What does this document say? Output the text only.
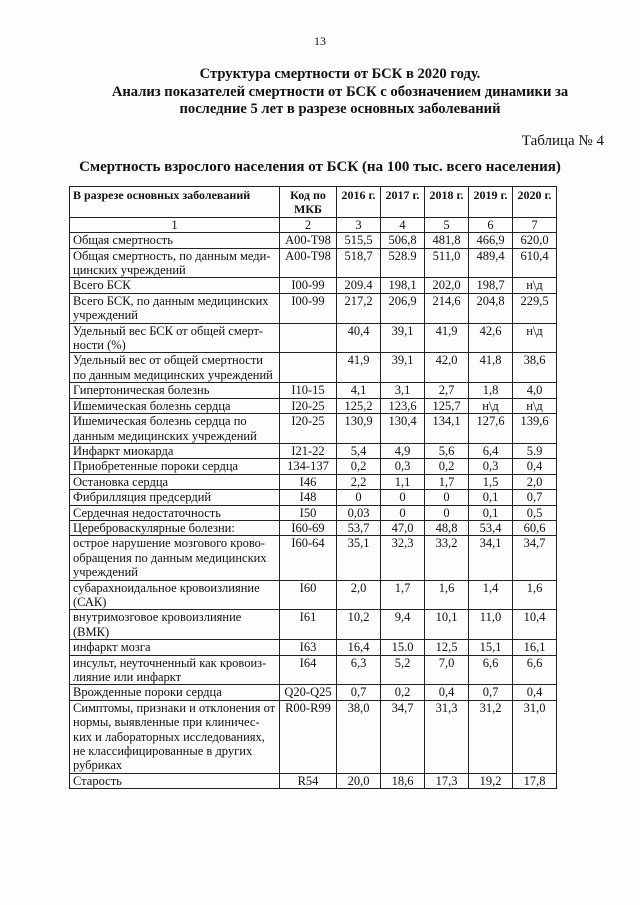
13
Структура смертности от БСК в 2020 году.
Анализ показателей смертности от БСК с обозначением динамики за
последние 5 лет в разрезе основных заболеваний
Таблица № 4
Смертность взрослого населения от БСК (на 100 тыс. всего населения)
В разрезе основных заболеваний	Код по МКБ	2016 г.	2017 г.	2018 г.	2019 г.	2020 г.
1	2	3	4	5	6	7
Общая смертность	А00-Т98	515,5	506,8	481,8	466,9	620,0
Общая смертность, по данным меди-цинских учреждений	А00-Т98	518,7	528.9	511,0	489,4	610,4
Всего БСК	I00-99	209.4	198,1	202,0	198,7	н\д
Всего БСК, по данным медицинских учреждений	I00-99	217,2	206,9	214,6	204,8	229,5
Удельный вес БСК от общей смерт-ности (%)		40,4	39,1	41,9	42,6	н\д
Удельный вес от общей смертности по данным медицинских учреждений		41,9	39,1	42,0	41,8	38,6
Гипертоническая болезнь	I10-15	4,1	3,1	2,7	1,8	4,0
Ишемическая болезнь сердца	I20-25	125,2	123,6	125,7	н\д	н\д
Ишемическая болезнь сердца по данным медицинских учреждений	I20-25	130,9	130,4	134,1	127,6	139,6
Инфаркт миокарда	I21-22	5,4	4,9	5,6	6,4	5.9
Приобретенные пороки сердца	134-137	0,2	0,3	0,2	0,3	0,4
Остановка сердца	I46	2,2	1,1	1,7	1,5	2,0
Фибрилляция предсердий	I48	0	0	0	0,1	0,7
Сердечная недостаточность	I50	0,03	0	0	0,1	0,5
Цереброваскулярные болезни:	I60-69	53,7	47,0	48,8	53,4	60,6
острое нарушение мозгового крово-обращения по данным медицинских учреждений	I60-64	35,1	32,3	33,2	34,1	34,7
субарахноидальное кровоизлияние (САК)	I60	2,0	1,7	1,6	1,4	1,6
внутримозговое кровоизлияние (ВМК)	I61	10,2	9,4	10,1	11,0	10,4
инфаркт мозга	I63	16,4	15.0	12,5	15,1	16,1
инсульт, неуточненный как кровоиз-лияние или инфаркт	I64	6,3	5,2	7,0	6,6	6,6
Врожденные пороки сердца	Q20-Q25	0,7	0,2	0,4	0,7	0,4
Симптомы, признаки и отклонения от нормы, выявленные при клиничес-ких и лабораторных исследованиях, не классифицированные в других рубриках	R00-R99	38,0	34,7	31,3	31,2	31,0
Старость	R54	20,0	18,6	17,3	19,2	17,8
